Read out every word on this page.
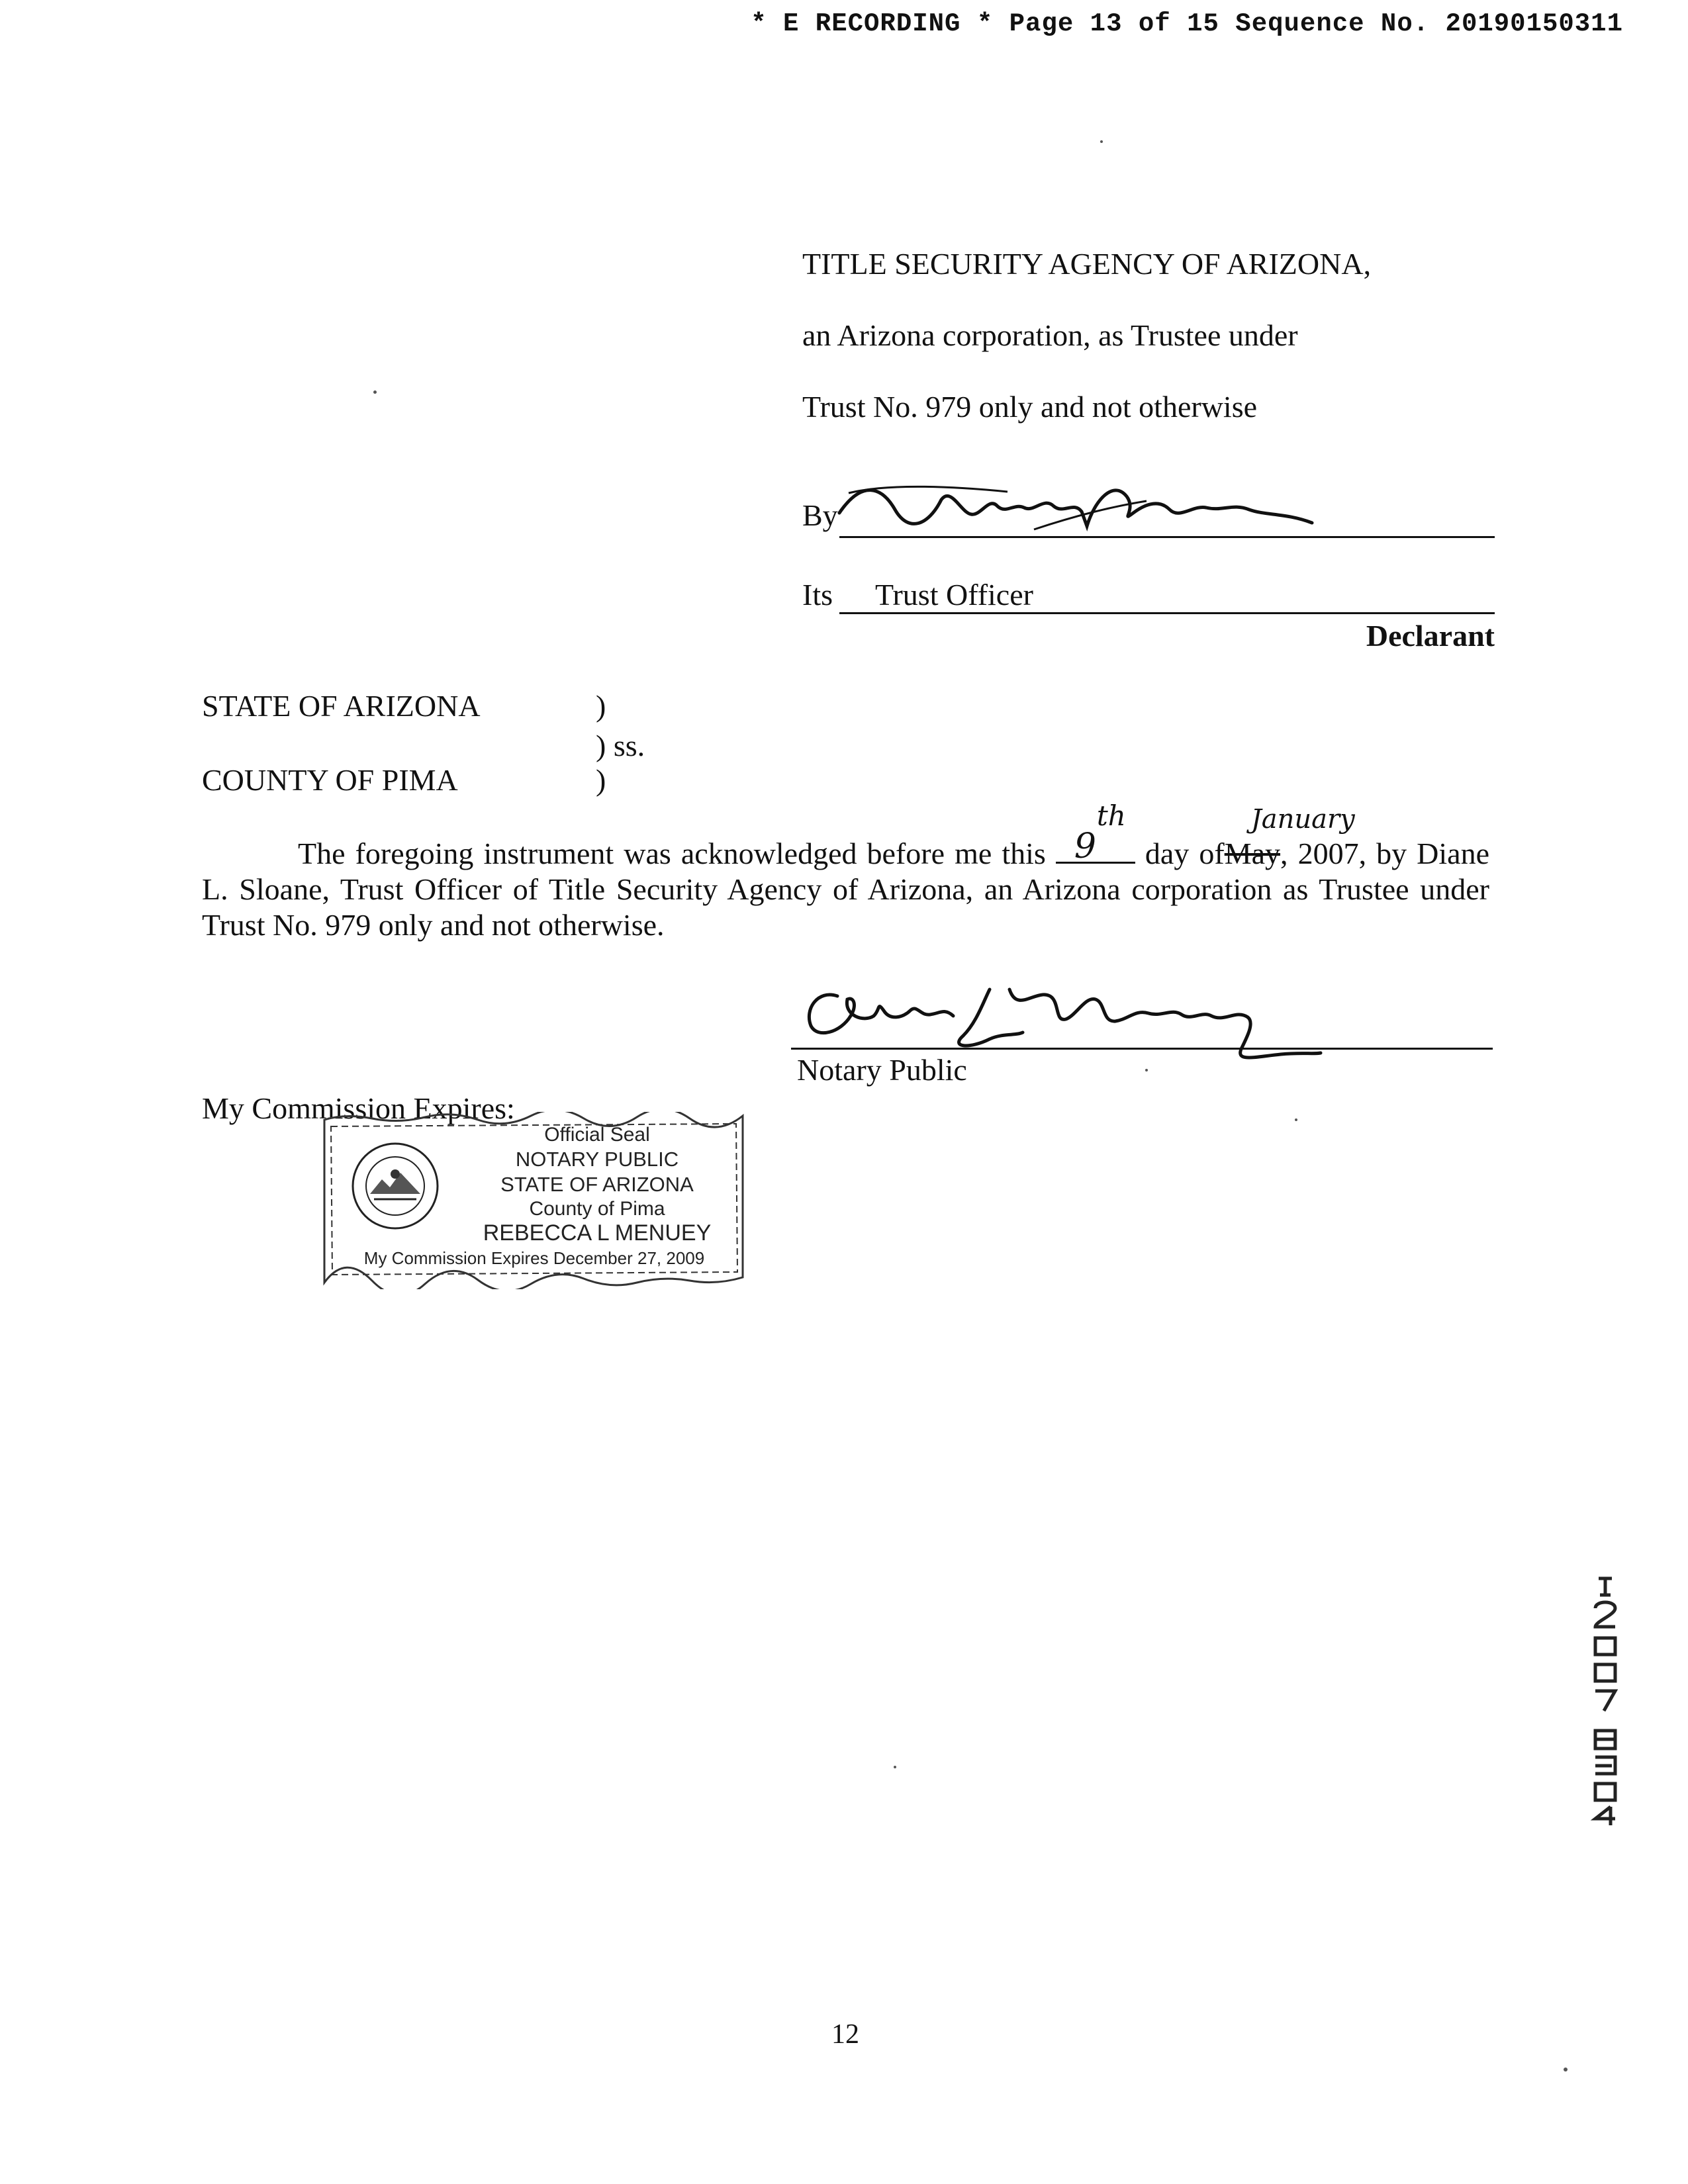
* E RECORDING * Page 13 of 15 Sequence No. 20190150311
TITLE SECURITY AGENCY OF ARIZONA,
an Arizona corporation, as Trustee under
Trust No. 979 only and not otherwise
By
Its Trust Officer
Declarant
STATE OF ARIZONA	)
) ss.
COUNTY OF PIMA	)
The foregoing instrument was acknowledged before me this 9
th
day ofMay
January
, 2007, by Diane L. Sloane, Trust Officer of Title Security Agency of Arizona, an Arizona corporation as Trustee under Trust No. 979 only and not otherwise.
Notary Public
My Commission Expires:
Official Seal
NOTARY PUBLIC
STATE OF ARIZONA
County of Pima
REBECCA L MENUEY
My Commission Expires December 27, 2009
12
